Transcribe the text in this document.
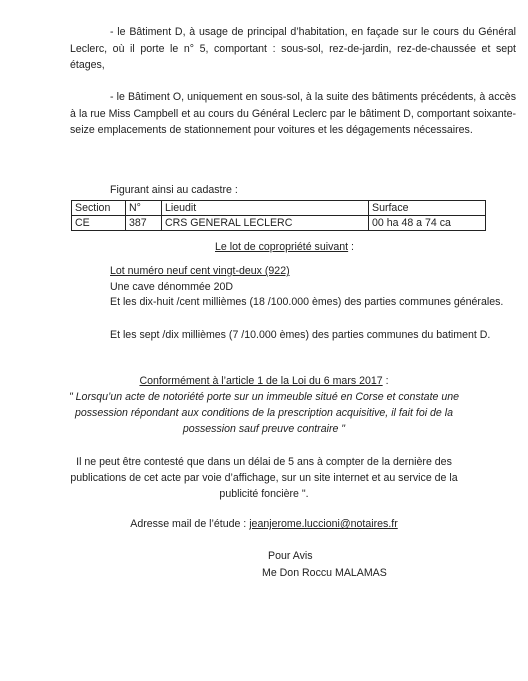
- le Bâtiment D, à usage de principal d’habitation, en façade sur le cours du Général Leclerc, où il porte le n° 5, comportant : sous-sol, rez-de-jardin, rez-de-chaussée et sept étages,

- le Bâtiment O, uniquement en sous-sol, à la suite des bâtiments précédents, à accès à la rue Miss Campbell et au cours du Général Leclerc par le bâtiment D, comportant soixante-seize emplacements de stationnement pour voitures et les dégagements nécessaires.

Figurant ainsi au cadastre :
Section	N°	Lieudit	Surface
CE	387	CRS GENERAL LECLERC	00 ha 48 a 74 ca
Le lot de copropriété suivant :
Lot numéro neuf cent vingt-deux (922)
Une cave dénommée 20D

Et les dix-huit /cent millièmes (18 /100.000 èmes) des parties communes générales.

Et les sept /dix millièmes (7 /10.000 èmes) des parties communes du batiment D.

Conformément à l’article 1 de la Loi du 6 mars 2017 :
" Lorsqu’un acte de notoriété porte sur un immeuble situé en Corse et constate une
possession répondant aux conditions de la prescription acquisitive, il fait foi de la
possession sauf preuve contraire "
Il ne peut être contesté que dans un délai de 5 ans à compter de la dernière des
publications de cet acte par voie d’affichage, sur un site internet et au service de la
publicité foncière ".
Adresse mail de l’étude : jeanjerome.luccioni@notaires.fr
Pour Avis
Me Don Roccu MALAMAS
